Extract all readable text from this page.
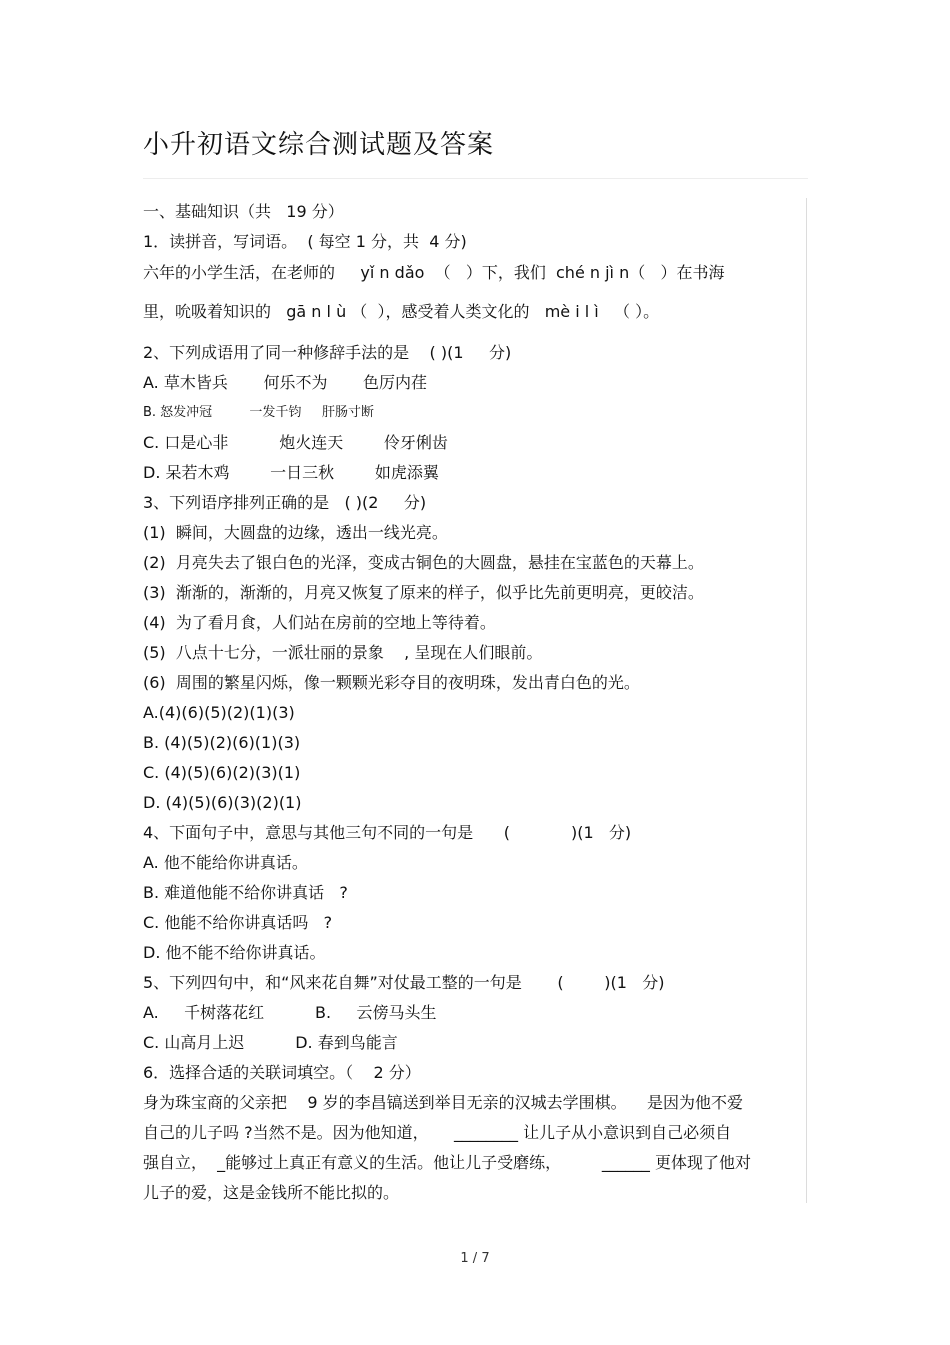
小升初语文综合测试题及答案
一、基础知识（共   19 分）
1．读拼音，写词语。  ( 每空 1 分，共  4 分)
六年的小学生活，在老师的     yǐ n dǎo  （   ）下，我们  ché n jì n（   ）在书海
里，吮吸着知识的   gā n l ù （  ），感受着人类文化的   mè i l ì   （ ）。
2、下列成语用了同一种修辞手法的是    ( )(1     分)
A. 草木皆兵       何乐不为       色厉内荏
B. 怒发冲冠         一发千钧     肝肠寸断
C. 口是心非          炮火连天        伶牙俐齿
D. 呆若木鸡        一日三秋        如虎添翼
3、下列语序排列正确的是   ( )(2     分)
(1)  瞬间，大圆盘的边缘，透出一线光亮。
(2)  月亮失去了银白色的光泽，变成古铜色的大圆盘，悬挂在宝蓝色的天幕上。
(3)  渐渐的，渐渐的，月亮又恢复了原来的样子，似乎比先前更明亮，更皎洁。
(4)  为了看月食，人们站在房前的空地上等待着。
(5)  八点十七分，一派壮丽的景象    , 呈现在人们眼前。
(6)  周围的繁星闪烁，像一颗颗光彩夺目的夜明珠，发出青白色的光。
A.(4)(6)(5)(2)(1)(3)
B. (4)(5)(2)(6)(1)(3)
C. (4)(5)(6)(2)(3)(1)
D. (4)(5)(6)(3)(2)(1)
4、下面句子中，意思与其他三句不同的一句是      (            )(1   分)
A. 他不能给你讲真话。
B. 难道他能不给你讲真话   ?
C. 他能不给你讲真话吗   ?
D. 他不能不给你讲真话。
5、下列四句中，和“风来花自舞”对仗最工整的一句是       (        )(1   分)
A.     千树落花红          B.     云傍马头生
C. 山高月上迟          D. 春到鸟能言
6．选择合适的关联词填空。（    2 分）
身为珠宝商的父亲把    9 岁的李昌镐送到举目无亲的汉城去学围棋。    是因为他不爱
自己的儿子吗 ?当然不是。因为他知道，     ________ 让儿子从小意识到自己必须自
强自立，  _能够过上真正有意义的生活。他让儿子受磨练，        ______ 更体现了他对
儿子的爱，这是金钱所不能比拟的。
1 / 7
